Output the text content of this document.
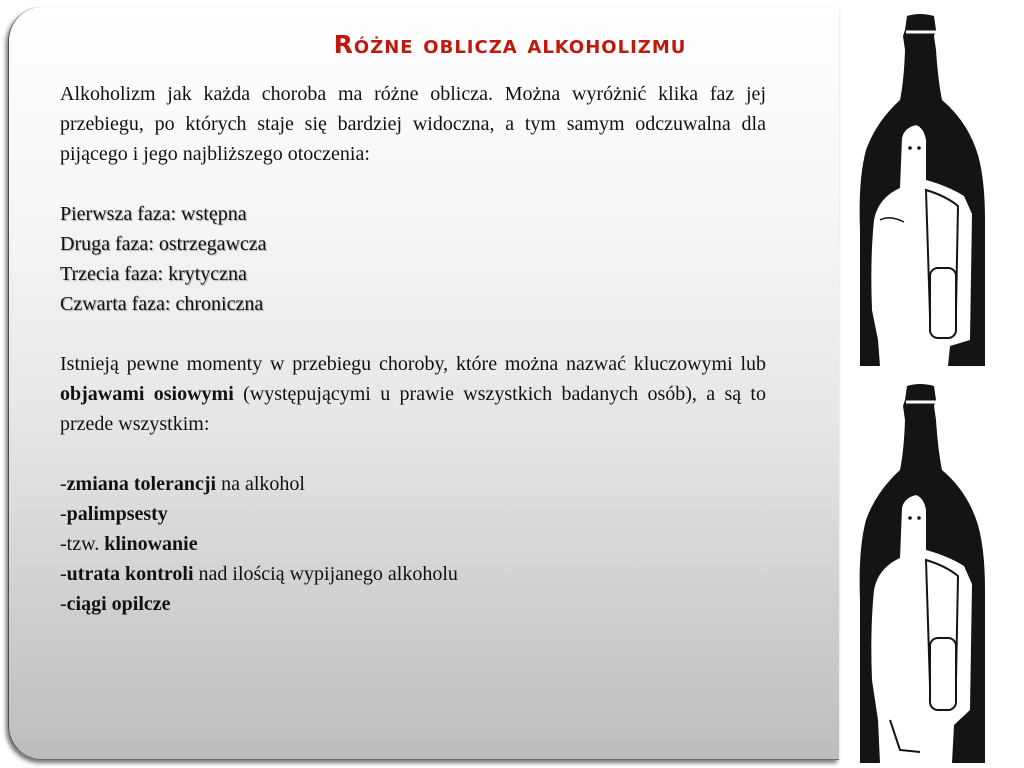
Różne oblicza alkoholizmu

Alkoholizm jak każda choroba ma różne oblicza. Można wyróżnić klika faz jej przebiegu, po których staje się bardziej widoczna, a tym samym odczuwalna dla pijącego i jego najbliższego otoczenia:

Pierwsza faza: wstępna

Druga faza: ostrzegawcza

Trzecia faza: krytyczna

Czwarta faza: chroniczna

Istnieją pewne momenty w przebiegu choroby, które można nazwać kluczowymi lub objawami osiowymi (występującymi u prawie wszystkich badanych osób), a są to przede wszystkim:

-zmiana tolerancji na alkohol

-palimpsesty

-tzw. klinowanie

-utrata kontroli nad ilością wypijanego alkoholu

-ciągi opilcze
